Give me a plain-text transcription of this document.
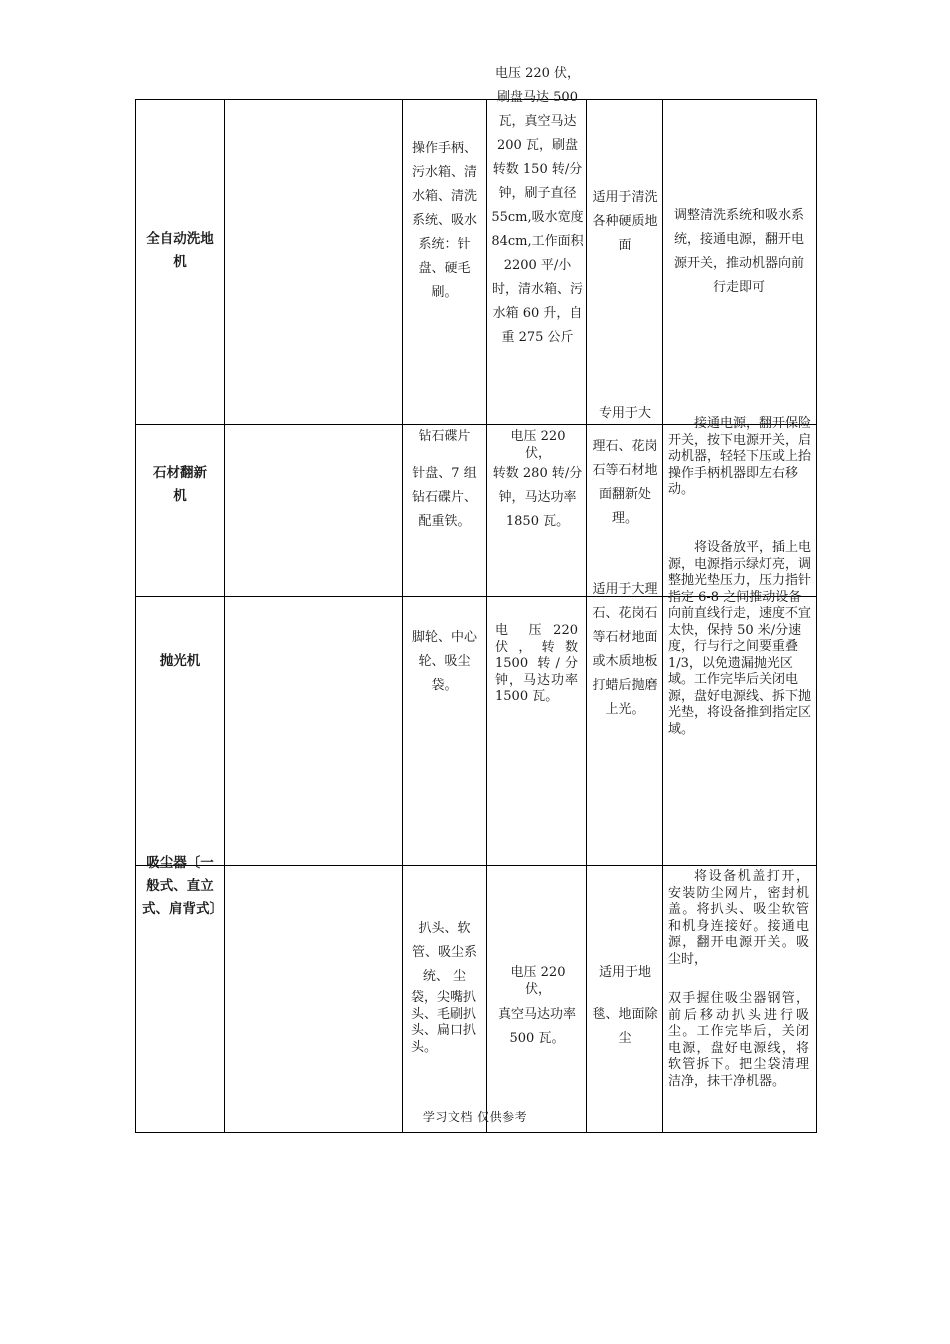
全自动洗地机
操作手柄、污水箱、清水箱、清洗系统、吸水系统：针盘、硬毛刷。
电压 220 伏，刷盘马达 500 瓦，真空马达 200 瓦，刷盘转数 150 转/分钟，刷子直径 55cm,吸水宽度 84cm,工作面积 2200 平/小时，清水箱、污水箱 60 升，自重 275 公斤
适用于清洗各种硬质地面
调整清洗系统和吸水系统，接通电源，翻开电源开关，推动机器向前行走即可
石材翻新机
钻石碟片
针盘、7 组钻石碟片、配重铁。
电压 220 伏，
转数 280 转/分钟，马达功率 1850 瓦。
专用于大
理石、花岗石等石材地面翻新处理。
接通电源，翻开保险开关，按下电源开关，启动机器，轻轻下压或上抬操作手柄机器即左右移动。
抛光机
脚轮、中心轮、吸尘袋。
电　压 220 伏，转数 1500 转/分钟，马达功率 1500 瓦。
适用于大理石、花岗石等石材地面或木质地板打蜡后抛磨上光。
将设备放平，插上电源，电源指示绿灯亮，调整抛光垫压力，压力指针指定 6-8 之间推动设备向前直线行走，速度不宜太快，保持 50 米/分速度，行与行之间要重叠 1/3，以免遗漏抛光区域。工作完毕后关闭电源，盘好电源线、拆下抛光垫，将设备推到指定区域。
吸尘器〔一般式、直立式、肩背式〕
扒头、软管、吸尘系统、 尘
袋，尖嘴扒头、毛刷扒头、扁口扒头。
电压 220 伏，
真空马达功率 500 瓦。
适用于地
毯、地面除尘
将设备机盖打开，安装防尘网片，密封机盖。将扒头、吸尘软管和机身连接好。接通电源，翻开电源开关。吸尘时，
双手握住吸尘器钢管，前后移动扒头进行吸尘。工作完毕后，关闭电源，盘好电源线，将软管拆下。把尘袋清理洁净，抹干净机器。
学习文档 仅供参考
